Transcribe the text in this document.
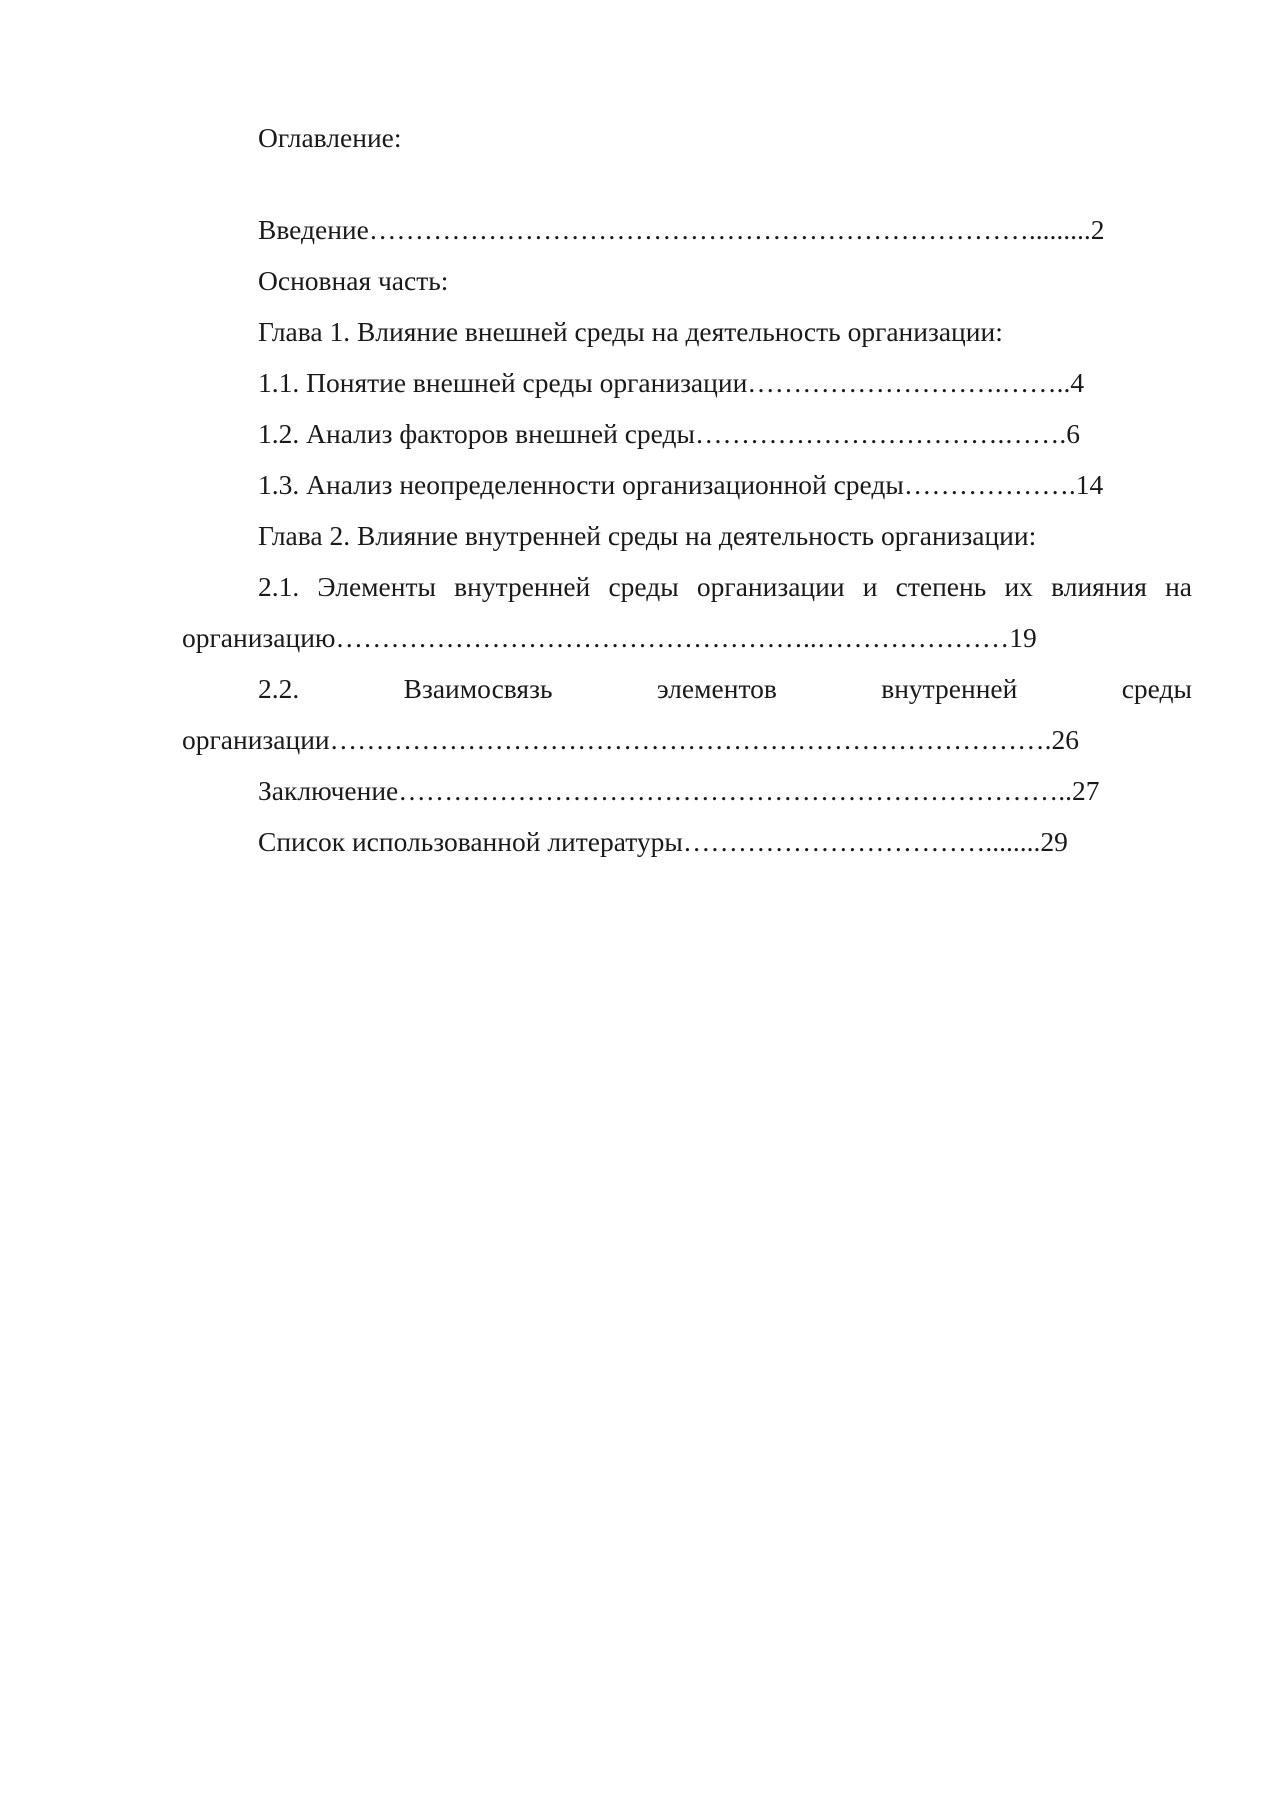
Оглавление:

Введение……………………………………………………………….........2

Основная часть:

Глава 1. Влияние внешней среды на деятельность организации:

1.1. Понятие внешней среды организации……………………….……..4

1.2. Анализ факторов внешней среды…………………………….…….6

1.3. Анализ неопределенности организационной среды……………….14

Глава 2. Влияние внутренней среды на деятельность организации:

2.1. Элементы внутренней среды организации и степень их влияния на

организацию……………………………………………..…………………19

2.2. Взаимосвязь элементов внутренней среды

организации…………………………………………………………………….26

Заключение………………………………………………………………..27

Список использованной литературы……………………………........29
